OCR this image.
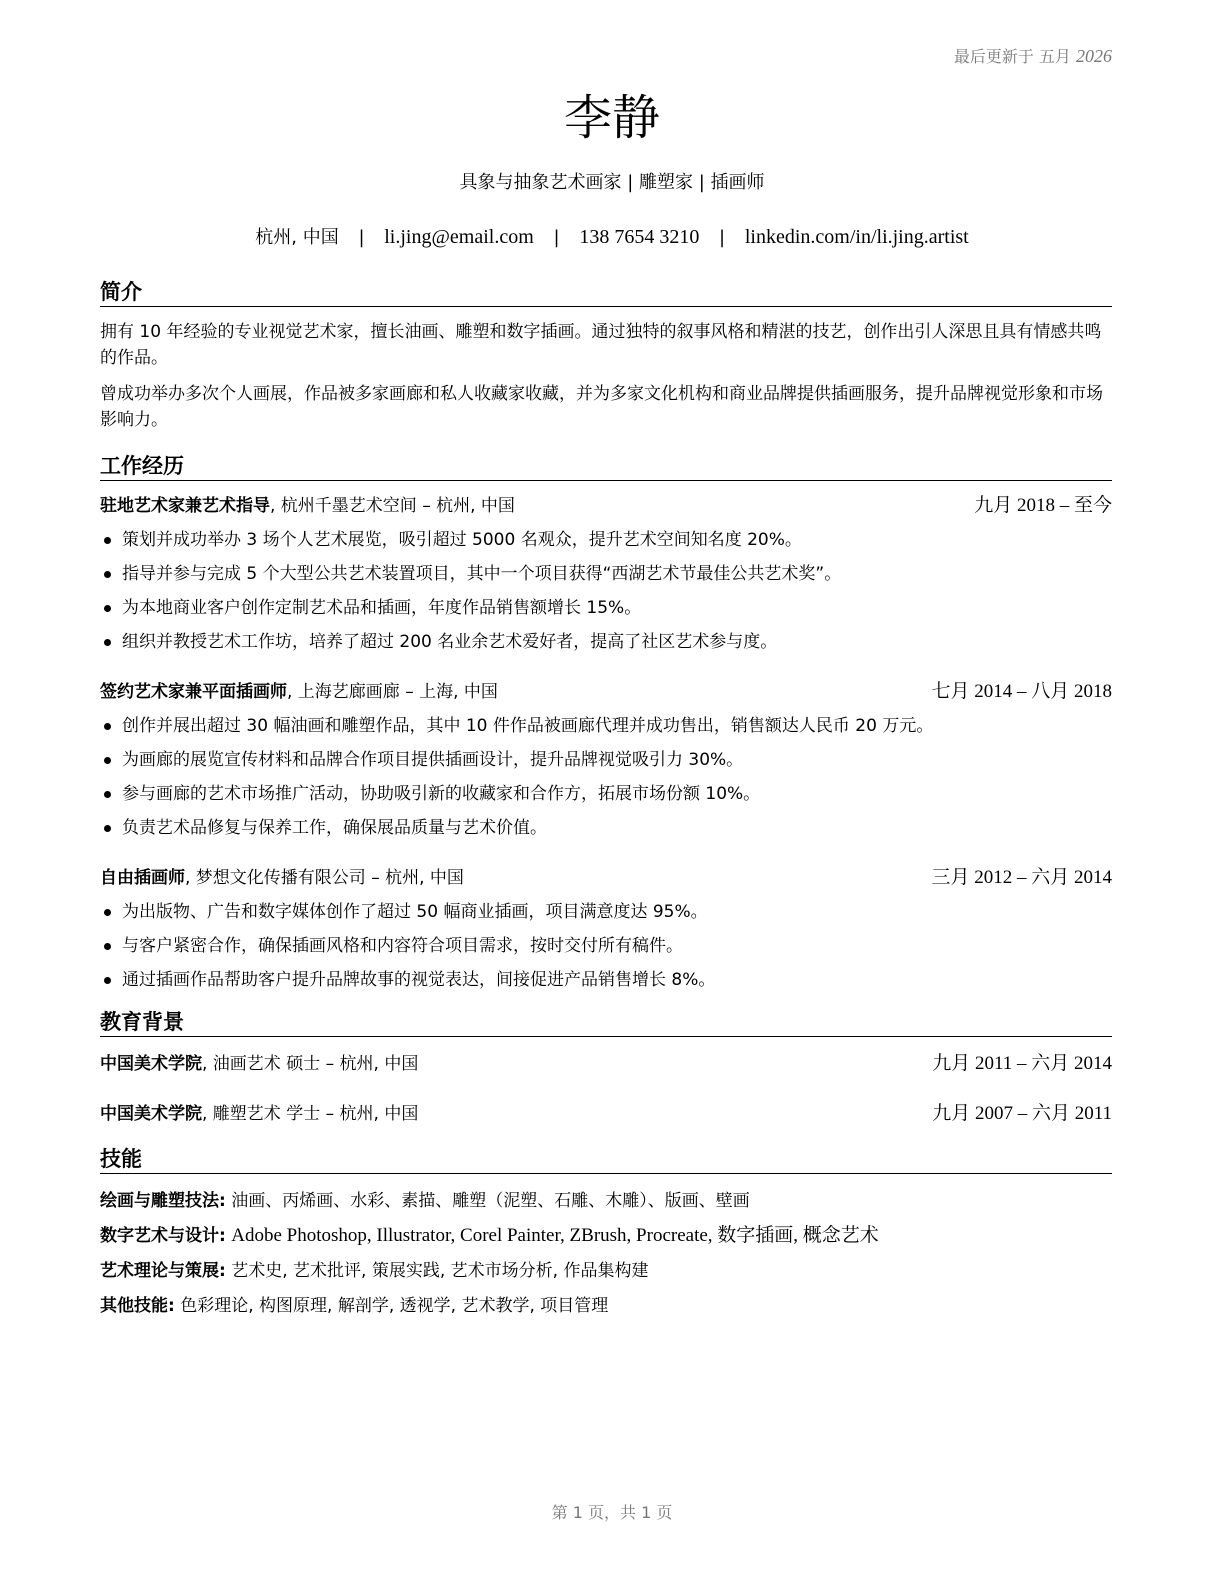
最后更新于 五月 2026
李静
具象与抽象艺术画家 | 雕塑家 | 插画师
杭州, 中国 | li.jing@email.com | 138 7654 3210 | linkedin.com/in/li.jing.artist
简介

拥有 10 年经验的专业视觉艺术家，擅长油画、雕塑和数字插画。通过独特的叙事风格和精湛的技艺，创作出引人深思且具有情感共鸣的作品。

曾成功举办多次个人画展，作品被多家画廊和私人收藏家收藏，并为多家文化机构和商业品牌提供插画服务，提升品牌视觉形象和市场影响力。

工作经历
驻地艺术家兼艺术指导, 杭州千墨艺术空间 – 杭州, 中国	九月 2018 – 至今
策划并成功举办 3 场个人艺术展览，吸引超过 5000 名观众，提升艺术空间知名度 20%。
指导并参与完成 5 个大型公共艺术装置项目，其中一个项目获得“西湖艺术节最佳公共艺术奖”。
为本地商业客户创作定制艺术品和插画，年度作品销售额增长 15%。
组织并教授艺术工作坊，培养了超过 200 名业余艺术爱好者，提高了社区艺术参与度。
签约艺术家兼平面插画师, 上海艺廊画廊 – 上海, 中国	七月 2014 – 八月 2018
创作并展出超过 30 幅油画和雕塑作品，其中 10 件作品被画廊代理并成功售出，销售额达人民币 20 万元。
为画廊的展览宣传材料和品牌合作项目提供插画设计，提升品牌视觉吸引力 30%。
参与画廊的艺术市场推广活动，协助吸引新的收藏家和合作方，拓展市场份额 10%。
负责艺术品修复与保养工作，确保展品质量与艺术价值。
自由插画师, 梦想文化传播有限公司 – 杭州, 中国	三月 2012 – 六月 2014
为出版物、广告和数字媒体创作了超过 50 幅商业插画，项目满意度达 95%。
与客户紧密合作，确保插画风格和内容符合项目需求，按时交付所有稿件。
通过插画作品帮助客户提升品牌故事的视觉表达，间接促进产品销售增长 8%。
教育背景
中国美术学院, 油画艺术 硕士 – 杭州, 中国	九月 2011 – 六月 2014
中国美术学院, 雕塑艺术 学士 – 杭州, 中国	九月 2007 – 六月 2011
技能
绘画与雕塑技法: 油画、丙烯画、水彩、素描、雕塑（泥塑、石雕、木雕）、版画、壁画
数字艺术与设计: Adobe Photoshop, Illustrator, Corel Painter, ZBrush, Procreate, 数字插画, 概念艺术
艺术理论与策展: 艺术史, 艺术批评, 策展实践, 艺术市场分析, 作品集构建
其他技能: 色彩理论, 构图原理, 解剖学, 透视学, 艺术教学, 项目管理
第 1 页，共 1 页
